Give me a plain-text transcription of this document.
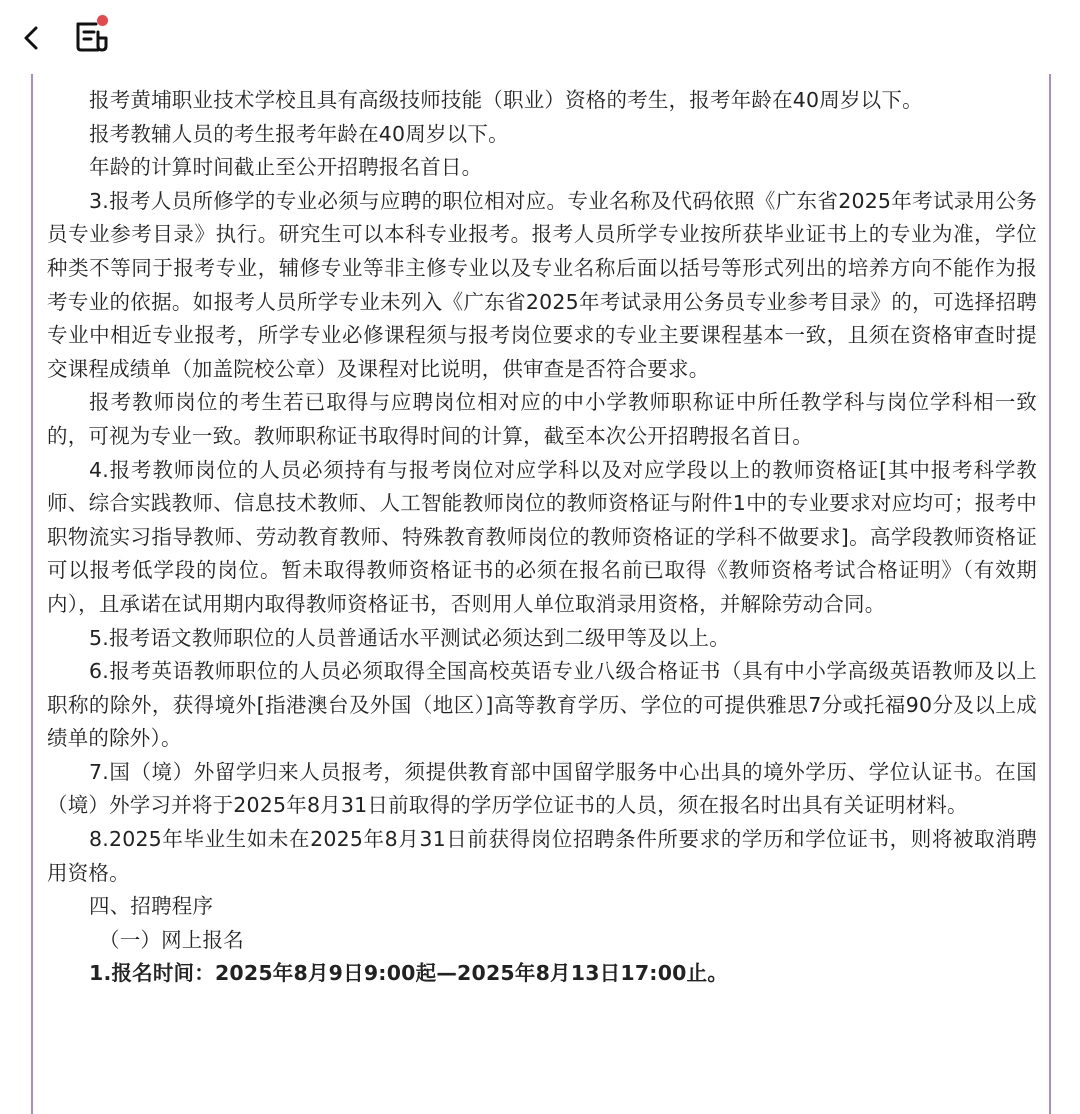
报考黄埔职业技术学校且具有高级技师技能（职业）资格的考生，报考年龄在40周岁以下。

报考教辅人员的考生报考年龄在40周岁以下。

年龄的计算时间截止至公开招聘报名首日。

3.报考人员所修学的专业必须与应聘的职位相对应。专业名称及代码依照《广东省2025年考试录用公务员专业参考目录》执行。研究生可以本科专业报考。报考人员所学专业按所获毕业证书上的专业为准，学位种类不等同于报考专业，辅修专业等非主修专业以及专业名称后面以括号等形式列出的培养方向不能作为报考专业的依据。如报考人员所学专业未列入《广东省2025年考试录用公务员专业参考目录》的，可选择招聘专业中相近专业报考，所学专业必修课程须与报考岗位要求的专业主要课程基本一致，且须在资格审查时提交课程成绩单（加盖院校公章）及课程对比说明，供审查是否符合要求。

报考教师岗位的考生若已取得与应聘岗位相对应的中小学教师职称证中所任教学科与岗位学科相一致的，可视为专业一致。教师职称证书取得时间的计算，截至本次公开招聘报名首日。

4.报考教师岗位的人员必须持有与报考岗位对应学科以及对应学段以上的教师资格证[其中报考科学教师、综合实践教师、信息技术教师、人工智能教师岗位的教师资格证与附件1中的专业要求对应均可；报考中职物流实习指导教师、劳动教育教师、特殊教育教师岗位的教师资格证的学科不做要求]。高学段教师资格证可以报考低学段的岗位。暂未取得教师资格证书的必须在报名前已取得《教师资格考试合格证明》（有效期内），且承诺在试用期内取得教师资格证书，否则用人单位取消录用资格，并解除劳动合同。

5.报考语文教师职位的人员普通话水平测试必须达到二级甲等及以上。

6.报考英语教师职位的人员必须取得全国高校英语专业八级合格证书（具有中小学高级英语教师及以上职称的除外，获得境外[指港澳台及外国（地区）]高等教育学历、学位的可提供雅思7分或托福90分及以上成绩单的除外）。

7.国（境）外留学归来人员报考，须提供教育部中国留学服务中心出具的境外学历、学位认证书。在国（境）外学习并将于2025年8月31日前取得的学历学位证书的人员，须在报名时出具有关证明材料。

8.2025年毕业生如未在2025年8月31日前获得岗位招聘条件所要求的学历和学位证书，则将被取消聘用资格。

四、招聘程序

（一）网上报名

1.报名时间：2025年8月9日9:00起—2025年8月13日17:00止。
